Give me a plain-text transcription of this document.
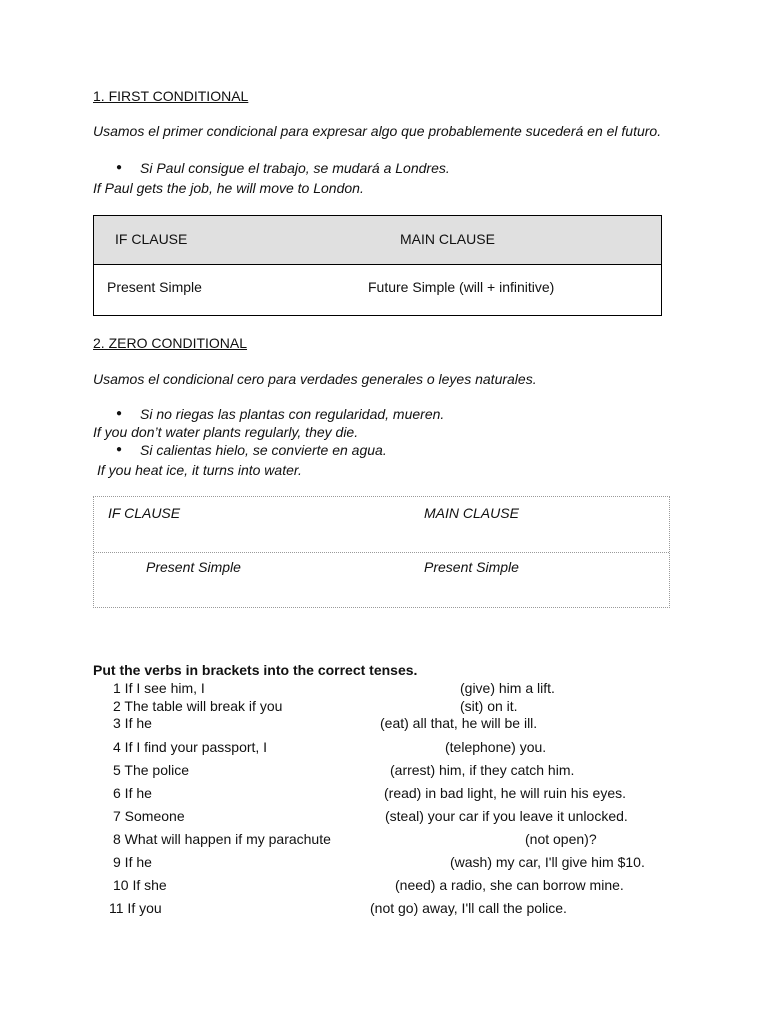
1. FIRST CONDITIONAL
Usamos el primer condicional para expresar algo que probablemente sucederá en el futuro.
● Si Paul consigue el trabajo, se mudará a Londres.
If Paul gets the job, he will move to London.
IF CLAUSE	MAIN CLAUSE
Present Simple	Future Simple (will + infinitive)
2. ZERO CONDITIONAL
Usamos el condicional cero para verdades generales o leyes naturales.
● Si no riegas las plantas con regularidad, mueren.
If you don’t water plants regularly, they die.
● Si calientas hielo, se convierte en agua.
If you heat ice, it turns into water.
IF CLAUSE	MAIN CLAUSE
Present Simple	Present Simple
Put the verbs in brackets into the correct tenses.
1 If I see him, I	(give) him a lift.
2 The table will break if you	(sit) on it.
3 If he	(eat) all that, he will be ill.
4 If I find your passport, I	(telephone) you.
5 The police	(arrest) him, if they catch him.
6 If he	(read) in bad light, he will ruin his eyes.
7 Someone	(steal) your car if you leave it unlocked.
8 What will happen if my parachute	(not open)?
9 If he	(wash) my car, I'll give him $10.
10 If she	(need) a radio, she can borrow mine.
11 If you	(not go) away, I'll call the police.
